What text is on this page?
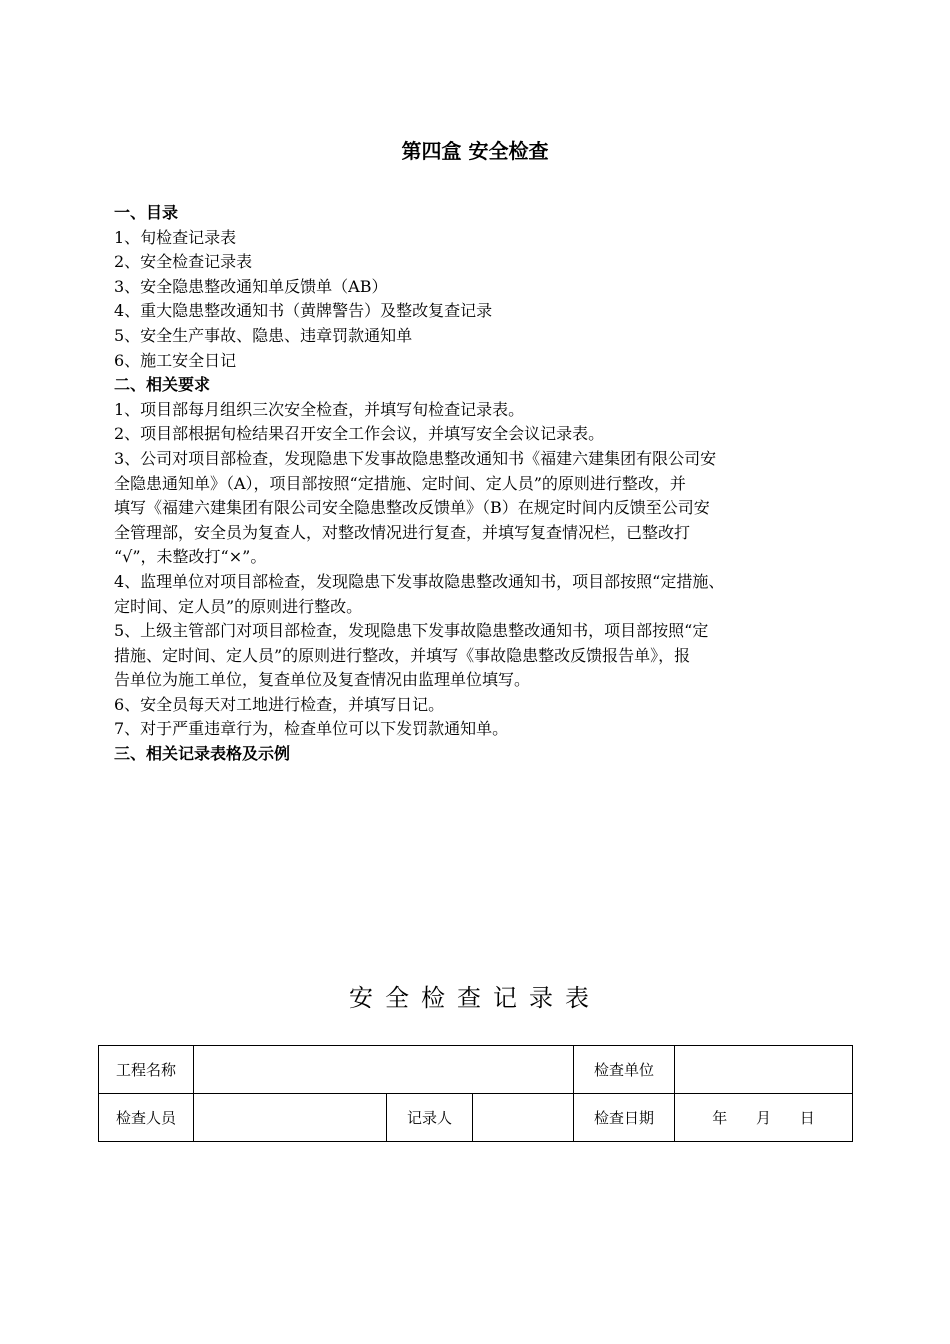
第四盒 安全检查
一、目录
1、旬检查记录表
2、安全检查记录表
3、安全隐患整改通知单反馈单（AB）
4、重大隐患整改通知书（黄牌警告）及整改复查记录
5、安全生产事故、隐患、违章罚款通知单
6、施工安全日记
二、相关要求
1、项目部每月组织三次安全检查，并填写旬检查记录表。
2、项目部根据旬检结果召开安全工作会议，并填写安全会议记录表。
3、公司对项目部检查，发现隐患下发事故隐患整改通知书《福建六建集团有限公司安
全隐患通知单》（A），项目部按照“定措施、定时间、定人员”的原则进行整改，并
填写《福建六建集团有限公司安全隐患整改反馈单》（B）在规定时间内反馈至公司安
全管理部，安全员为复查人，对整改情况进行复查，并填写复查情况栏，已整改打
“√”，未整改打“×”。
4、监理单位对项目部检查，发现隐患下发事故隐患整改通知书，项目部按照“定措施、
定时间、定人员”的原则进行整改。
5、上级主管部门对项目部检查，发现隐患下发事故隐患整改通知书，项目部按照“定
措施、定时间、定人员”的原则进行整改，并填写《事故隐患整改反馈报告单》，报
告单位为施工单位，复查单位及复查情况由监理单位填写。
6、安全员每天对工地进行检查，并填写日记。
7、对于严重违章行为，检查单位可以下发罚款通知单。
三、相关记录表格及示例
安全检查记录表
工程名称				检查单位	
检查人员		记录人		检查日期	年 月 日
